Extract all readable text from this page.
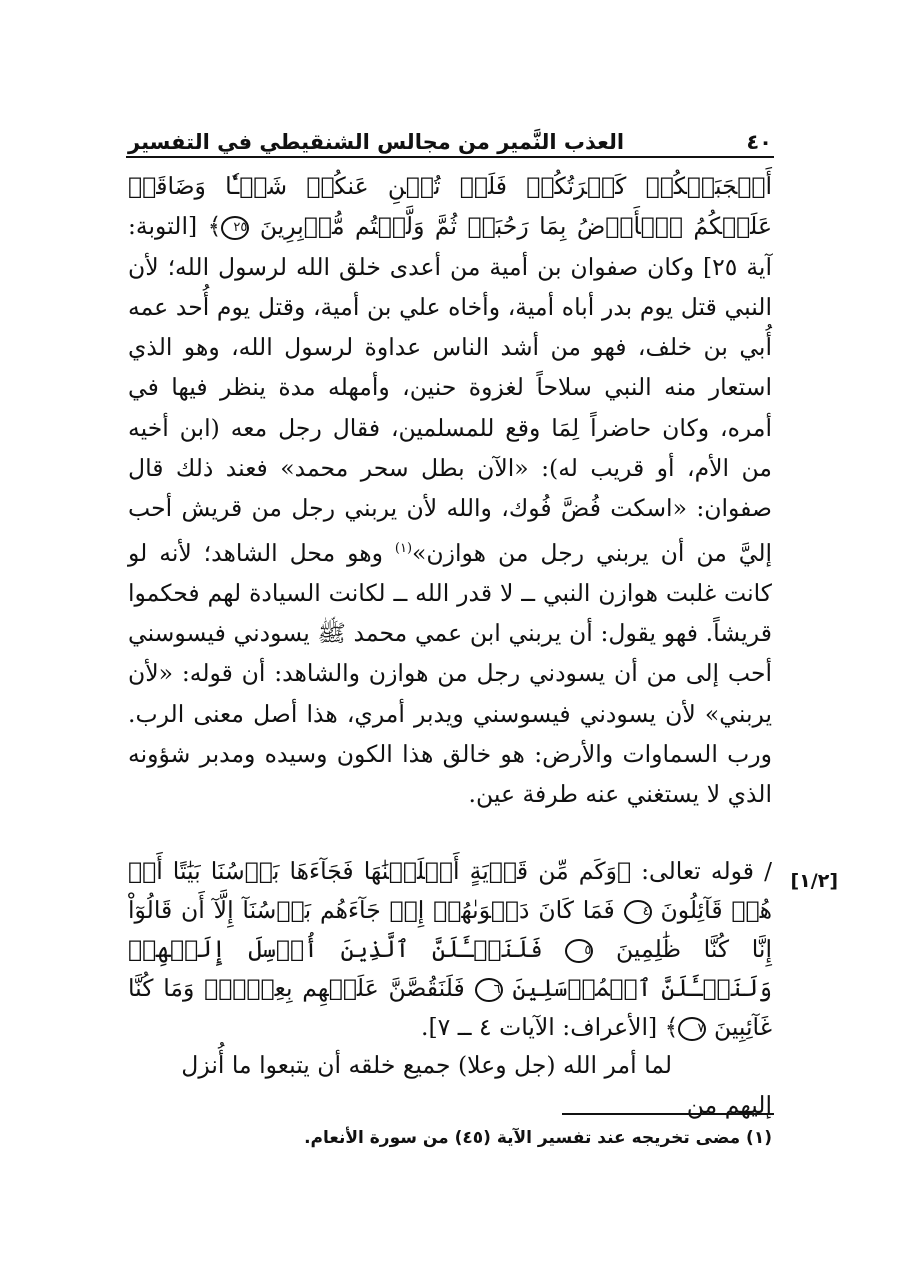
٤٠
العذب النَّمير من مجالس الشنقيطي في التفسير

أَعۡجَبَتۡكُمۡ كَثۡرَتُكُمۡ فَلَمۡ تُغۡنِ عَنكُمۡ شَيۡـٔٗا وَضَاقَتۡ عَلَيۡكُمُ ٱلۡأَرۡضُ بِمَا رَحُبَتۡ ثُمَّ وَلَّيۡتُم مُّدۡبِرِينَ ٢٥﴾ [التوبة: آية ٢٥] وكان صفوان بن أمية من أعدى خلق الله لرسول الله؛ لأن النبي قتل يوم بدر أباه أمية، وأخاه علي بن أمية، وقتل يوم أُحد عمه أُبي بن خلف، فهو من أشد الناس عداوة لرسول الله، وهو الذي استعار منه النبي سلاحاً لغزوة حنين، وأمهله مدة ينظر فيها في أمره، وكان حاضراً لِمَا وقع للمسلمين، فقال رجل معه (ابن أخيه من الأم، أو قريب له): «الآن بطل سحر محمد» فعند ذلك قال صفوان: «اسكت فُضَّ فُوك، والله لأن يربني رجل من قريش أحب إليَّ من أن يربني رجل من هوازن»$^{(١)}$ وهو محل الشاهد؛ لأنه لو كانت غلبت هوازن النبي ــ لا قدر الله ــ لكانت السيادة لهم فحكموا قريشاً. فهو يقول: أن يربني ابن عمي محمد ﷺ يسودني فيسوسني أحب إلى من أن يسودني رجل من هوازن والشاهد: أن قوله: «لأن يربني» لأن يسودني فيسوسني ويدبر أمري، هذا أصل معنى الرب. ورب السماوات والأرض: هو خالق هذا الكون وسيده ومدبر شؤونه الذي لا يستغني عنه طرفة عين.

[١/٢]
/ قوله تعالى: ﴿وَكَم مِّن قَرۡيَةٍ أَهۡلَكۡنَٰهَا فَجَآءَهَا بَأۡسُنَا بَيَٰتًا أَوۡ هُمۡ قَآئِلُونَ ٤ فَمَا كَانَ دَعۡوَىٰهُمۡ إِذۡ جَآءَهُم بَأۡسُنَآ إِلَّآ أَن قَالُوٓاْ إِنَّا كُنَّا ظَٰلِمِينَ ٥ فَلَنَسۡـَٔلَنَّ ٱلَّذِينَ أُرۡسِلَ إِلَيۡهِمۡ وَلَنَسۡـَٔلَنَّ ٱلۡمُرۡسَلِينَ ٦ فَلَنَقُصَّنَّ عَلَيۡهِم بِعِلۡمٖۖ وَمَا كُنَّا غَآئِبِينَ ٧﴾ [الأعراف: الآيات ٤ ــ ٧].
لما أمر الله (جل وعلا) جميع خلقه أن يتبعوا ما أُنزل إليهم من
(١) مضى تخريجه عند تفسير الآية (٤٥) من سورة الأنعام.
